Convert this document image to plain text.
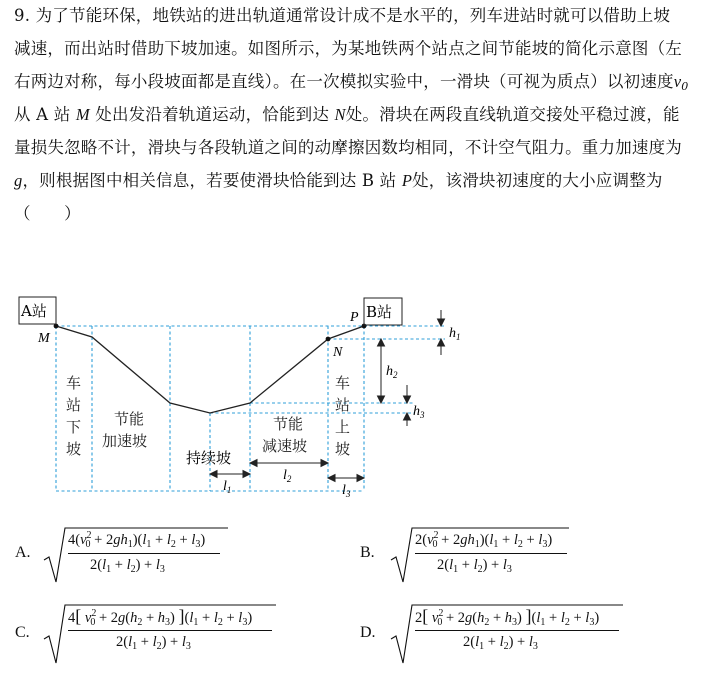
9. 为了节能环保，地铁站的进出轨道通常设计成不是水平的，列车进站时就可以借助上坡
减速，而出站时借助下坡加速。如图所示，为某地铁两个站点之间节能坡的简化示意图（左
右两边对称，每小段坡面都是直线）。在一次模拟实验中，一滑块（可视为质点）以初速度$v_0$
从 A 站 M 处出发沿着轨道运动，恰能到达 N处。滑块在两段直线轨道交接处平稳过渡，能
量损失忽略不计，滑块与各段轨道之间的动摩擦因数均相同，不计空气阻力。重力加速度为
g，则根据图中相关信息，若要使滑块恰能到达 B 站 P处，该滑块初速度的大小应调整为
（　　）
A站	B站
M
N
P
车
站
下
坡
节能
加速坡
持续坡
节能
减速坡
车
站
上
坡
$h_1$
$h_2$
$h_3$
$l_1$
$l_2$
$l_3$
A.
$4(v^2_0 + 2gh_1)(l_1 + l_2 + l_3)$
$2(l_1 + l_2) + l_3$
B.
$2(v^2_0 + 2gh_1)(l_1 + l_2 + l_3)$
$2(l_1 + l_2) + l_3$
C.
4[ $v^2_0 + 2g(h_2 + h_3) ](l_1 + l_2 + l_3)$
$2(l_1 + l_2) + l_3$
D.
2[ $v^2_0 + 2g(h_2 + h_3) ](l_1 + l_2 + l_3)$
$2(l_1 + l_2) + l_3$
